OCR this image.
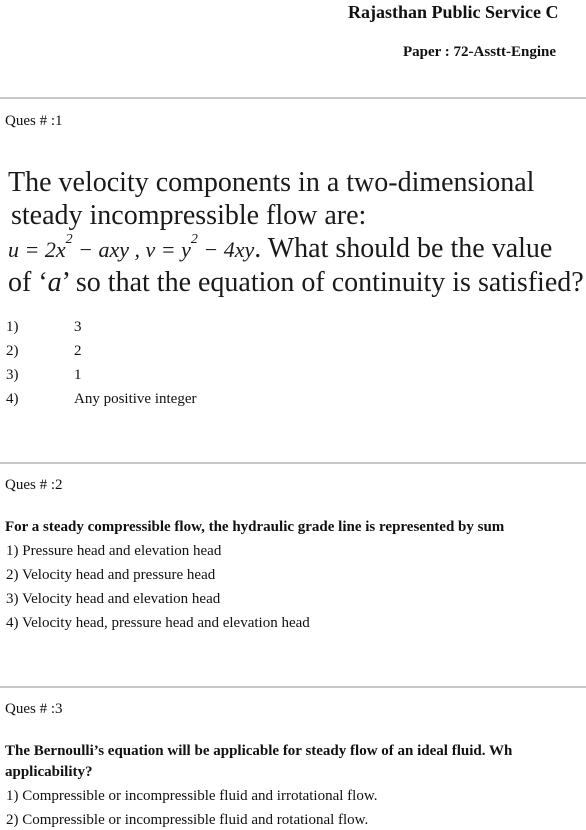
Rajasthan Public Service C
Paper : 72-Asstt-Engine
Ques # :1
The velocity components in a two-dimensional
steady incompressible flow are:
$u = 2x^2$ − axy , $v = y^2 - 4xy$. What should be the value
of ‘a’ so that the equation of continuity is satisfied?
1)	3
2)	2
3)	1
4)	Any positive integer
Ques # :2
For a steady compressible flow, the hydraulic grade line is represented by sum
1) Pressure head and elevation head
2) Velocity head and pressure head
3) Velocity head and elevation head
4) Velocity head, pressure head and elevation head
Ques # :3
The Bernoulli’s equation will be applicable for steady flow of an ideal fluid. Wh
applicability?
1) Compressible or incompressible fluid and irrotational flow.
2) Compressible or incompressible fluid and rotational flow.
